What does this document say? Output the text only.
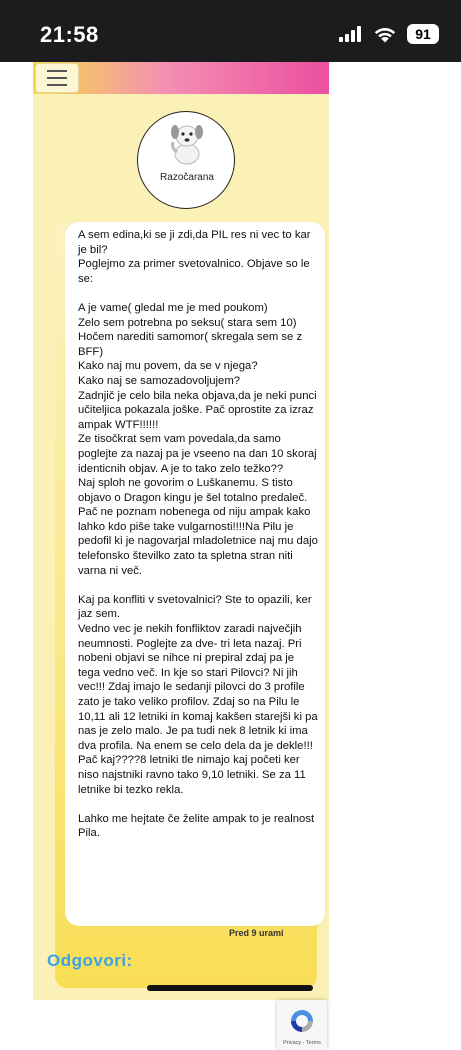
21:58	91
Razočarana
A sem edina,ki se ji zdi,da PIL res ni vec to kar je bil?
Poglejmo za primer svetovalnico. Objave so le se:

A je vame( gledal me je med poukom)
Zelo sem potrebna po seksu( stara sem 10)
Hočem narediti samomor( skregala sem se z BFF)
Kako naj mu povem, da se v njega?
Kako naj se samozadovoljujem?
Zadnjič je celo bila neka objava,da je neki punci učiteljica pokazala joške. Pač oprostite za izraz ampak WTF!!!!!!
Ze tisočkrat sem vam povedala,da samo poglejte za nazaj pa je vseeno na dan 10 skoraj identicnih objav. A je to tako zelo težko??
Naj sploh ne govorim o Luškanemu. S tisto objavo o Dragon kingu je šel totalno predaleč. Pač ne poznam nobenega od niju ampak kako lahko kdo piše take vulgarnosti!!!!Na Pilu je pedofil ki je nagovarjal mladoletnice naj mu dajo telefonsko številko zato ta spletna stran niti varna ni več.

Kaj pa konfliti v svetovalnici? Ste to opazili, ker jaz sem.
Vedno vec je nekih fonfliktov zaradi največjih neumnosti. Poglejte za dve- tri leta nazaj. Pri nobeni objavi se nihce ni prepiral zdaj pa je tega vedno več. In kje so stari Pilovci? Ni jih vec!!! Zdaj imajo le sedanji pilovci do 3 profile zato je tako veliko profilov. Zdaj so na Pilu le 10,11 ali 12 letniki in komaj kakšen starejši ki pa nas je zelo malo. Je pa tudi nek 8 letnik ki ima dva profila. Na enem se celo dela da je dekle!!! Pač kaj????8 letniki tle nimajo kaj početi ker niso najstniki ravno tako 9,10 letniki. Se za 11 letnike bi tezko rekla.

Lahko me hejtate če želite ampak to je realnost Pila.
Pred 9 urami
Odgovori:
Privacy - Terms
